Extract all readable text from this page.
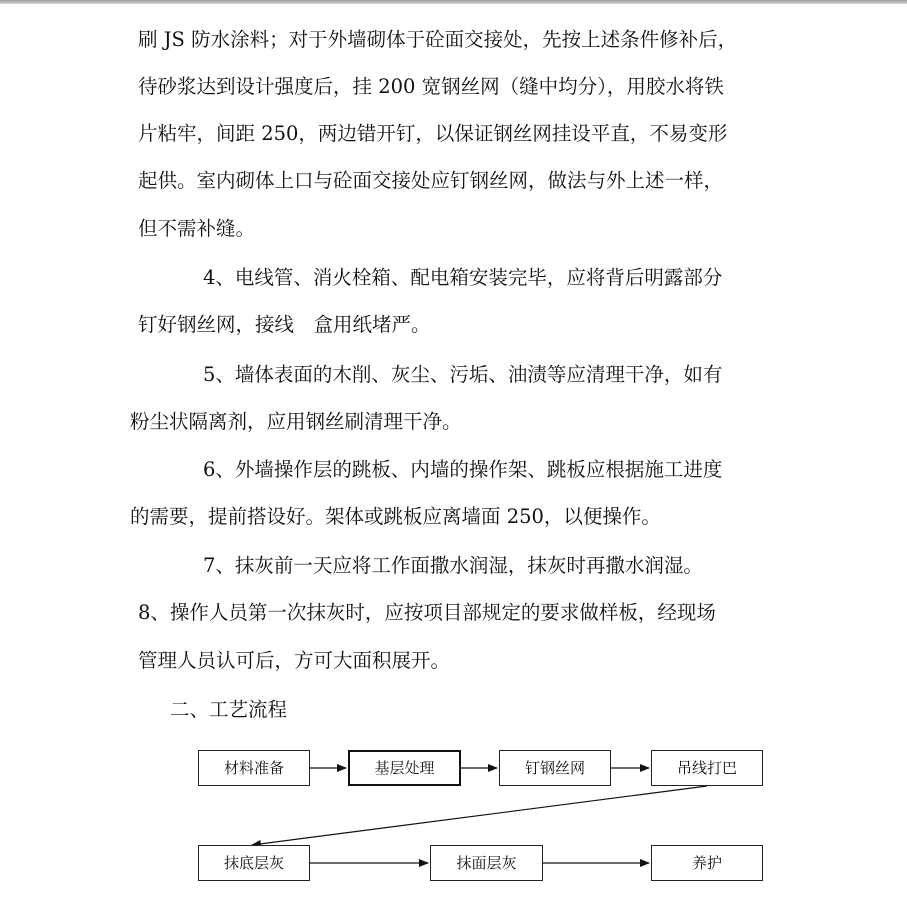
刷 JS 防水涂料；对于外墙砌体于砼面交接处，先按上述条件修补后，
待砂浆达到设计强度后，挂 200 宽钢丝网（缝中均分），用胶水将铁
片粘牢，间距 250，两边错开钉，以保证钢丝网挂设平直，不易变形
起供。室内砌体上口与砼面交接处应钉钢丝网，做法与外上述一样，
但不需补缝。
4、电线管、消火栓箱、配电箱安装完毕，应将背后明露部分
钉好钢丝网，接线　盒用纸堵严。
5、墙体表面的木削、灰尘、污垢、油渍等应清理干净，如有
粉尘状隔离剂，应用钢丝刷清理干净。
6、外墙操作层的跳板、内墙的操作架、跳板应根据施工进度
的需要，提前搭设好。架体或跳板应离墙面 250，以便操作。
7、抹灰前一天应将工作面撒水润湿，抹灰时再撒水润湿。
8、操作人员第一次抹灰时，应按项目部规定的要求做样板，经现场
管理人员认可后，方可大面积展开。
二、工艺流程
材料准备	基层处理	钉钢丝网	吊线打巴
抹底层灰	抹面层灰	养护
